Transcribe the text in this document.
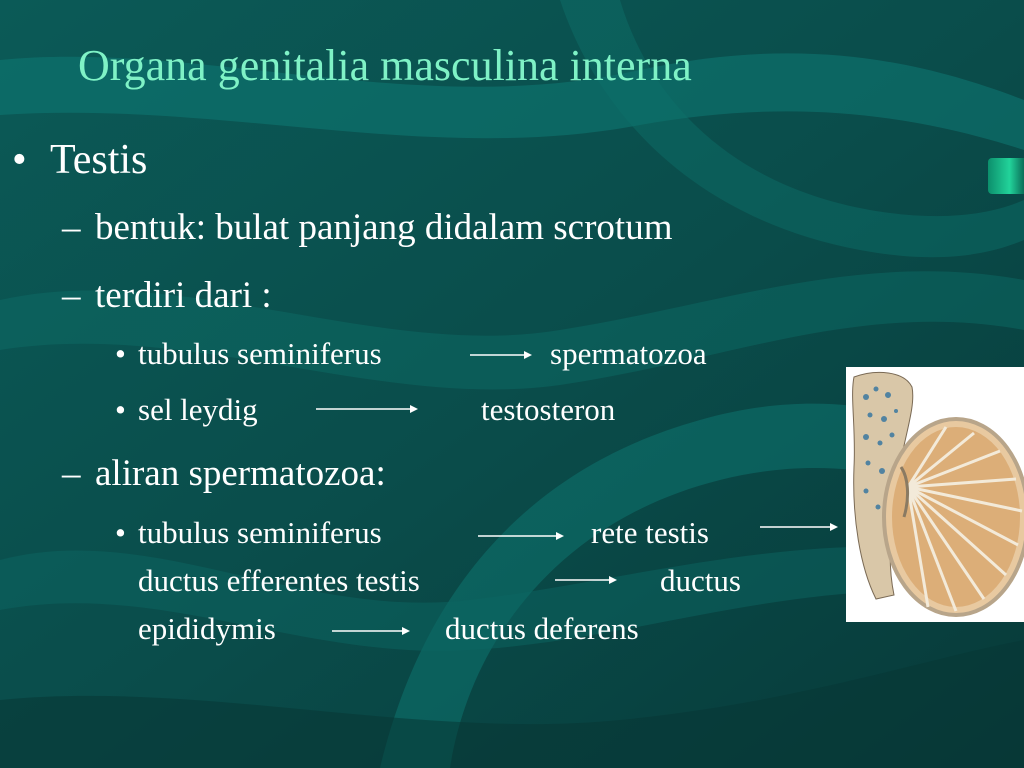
Organa genitalia masculina interna
• Testis
– bentuk: bulat panjang didalam scrotum
– terdiri dari :
• tubulus seminiferus	spermatozoa
• sel leydig	testosteron
– aliran spermatozoa:
• tubulus seminiferus	rete testis
ductus efferentes testis	ductus
epididymis	ductus deferens
